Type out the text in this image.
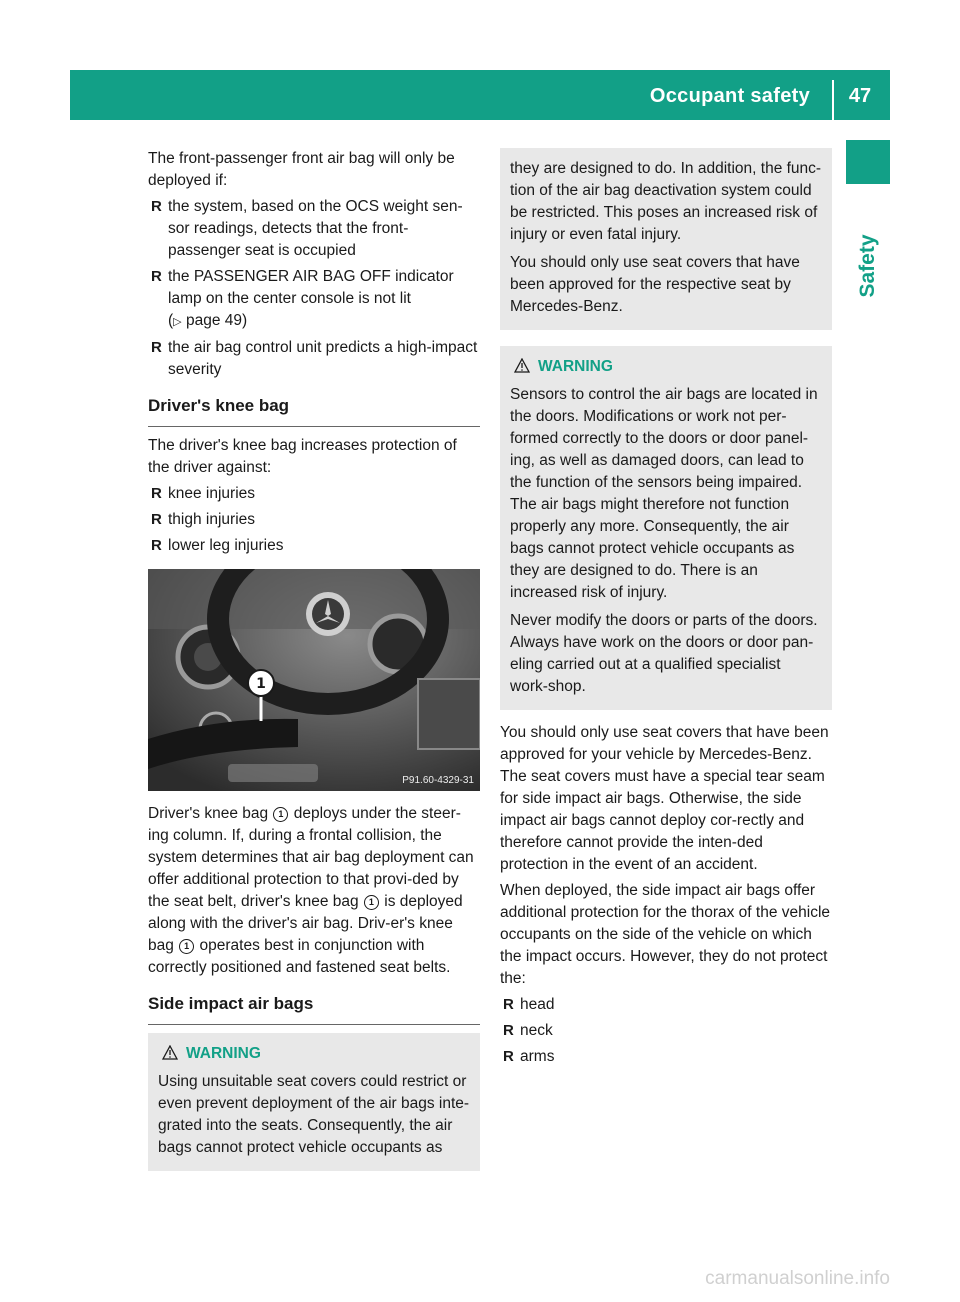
Occupant safety	47
Safety

The front-passenger front air bag will only be deployed if:

R the system, based on the OCS weight sen-sor readings, detects that the front-passenger seat is occupied
R the PASSENGER AIR BAG OFF indicator lamp on the center console is not lit
(▷ page 49)
R the air bag control unit predicts a high-impact severity
Driver's knee bag

The driver's knee bag increases protection of the driver against:

R knee injuries
R thigh injuries
R lower leg injuries
1
P91.60-4329-31

Driver's knee bag 1 deploys under the steer-ing column. If, during a frontal collision, the system determines that air bag deployment can offer additional protection to that provi-ded by the seat belt, driver's knee bag 1 is deployed along with the driver's air bag. Driv-er's knee bag 1 operates best in conjunction with correctly positioned and fastened seat belts.

Side impact air bags
WARNING

Using unsuitable seat covers could restrict or even prevent deployment of the air bags inte-grated into the seats. Consequently, the air bags cannot protect vehicle occupants as

they are designed to do. In addition, the func-tion of the air bag deactivation system could be restricted. This poses an increased risk of injury or even fatal injury.

You should only use seat covers that have been approved for the respective seat by Mercedes-Benz.

WARNING

Sensors to control the air bags are located in the doors. Modifications or work not per-formed correctly to the doors or door panel-ing, as well as damaged doors, can lead to the function of the sensors being impaired. The air bags might therefore not function properly any more. Consequently, the air bags cannot protect vehicle occupants as they are designed to do. There is an increased risk of injury.

Never modify the doors or parts of the doors. Always have work on the doors or door pan-eling carried out at a qualified specialist work-shop.

You should only use seat covers that have been approved for your vehicle by Mercedes-Benz. The seat covers must have a special tear seam for side impact air bags. Otherwise, the side impact air bags cannot deploy cor-rectly and therefore cannot provide the inten-ded protection in the event of an accident.

When deployed, the side impact air bags offer additional protection for the thorax of the vehicle occupants on the side of the vehicle on which the impact occurs. However, they do not protect the:

R head
R neck
R arms
carmanualsonline.info
